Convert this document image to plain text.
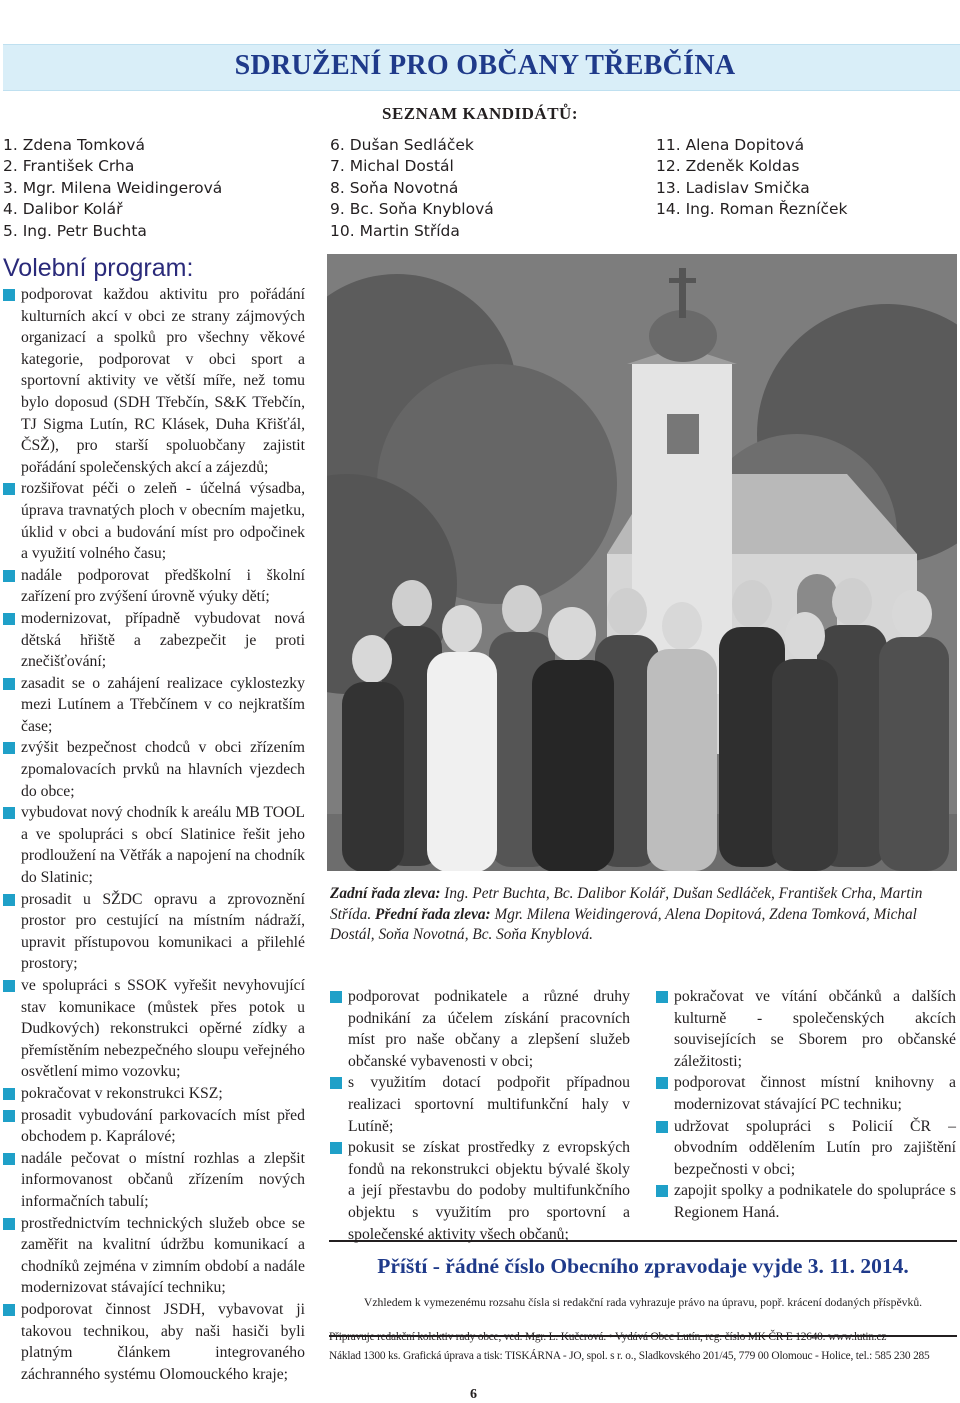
SDRUŽENÍ PRO OBČANY TŘEBČÍNA
SEZNAM KANDIDÁTŮ:
1. Zdena Tomková
2. František Crha
3. Mgr. Milena Weidingerová
4. Dalibor Kolář
5. Ing. Petr Buchta
6. Dušan Sedláček
7. Michal Dostál
8. Soňa Novotná
9. Bc. Soňa Knyblová
10. Martin Střída
11. Alena Dopitová
12. Zdeněk Koldas
13. Ladislav Smička
14. Ing. Roman Řezníček
Volební program:
podporovat každou aktivitu pro pořádání kulturních akcí v obci ze strany zájmových organizací a spolků pro všechny věkové kategorie, podporovat v obci sport a sportovní aktivity ve větší míře, než tomu bylo doposud (SDH Třebčín, S&K Třebčín, TJ Sigma Lutín, RC Klásek, Duha Křišťál, ČSŽ), pro starší spoluobčany zajistit pořádání společenských akcí a zájezdů;
rozšiřovat péči o zeleň - účelná výsadba, úprava travnatých ploch v obecním majetku, úklid v obci a budování míst pro odpočinek a využití volného času;
nadále podporovat předškolní i školní zařízení pro zvýšení úrovně výuky dětí;
modernizovat, případně vybudovat nová dětská hřiště a zabezpečit je proti znečišťování;
zasadit se o zahájení realizace cyklostezky mezi Lutínem a Třebčínem v co nejkratším čase;
zvýšit bezpečnost chodců v obci zřízením zpomalovacích prvků na hlavních vjezdech do obce;
vybudovat nový chodník k areálu MB TOOL a ve spolupráci s obcí Slatinice řešit jeho prodloužení na Větřák a napojení na chodník do Slatinic;
prosadit u SŽDC opravu a zprovoznění prostor pro cestující na místním nádraží, upravit přístupovou komunikaci a přilehlé prostory;
ve spolupráci s SSOK vyřešit nevyhovující stav komunikace (můstek přes potok u Dudkových) rekonstrukci opěrné zídky a přemístěním nebezpečného sloupu veřejného osvětlení mimo vozovku;
pokračovat v rekonstrukci KSZ;
prosadit vybudování parkovacích míst před obchodem p. Kaprálové;
nadále pečovat o místní rozhlas a zlepšit informovanost občanů zřízením nových informačních tabulí;
prostřednictvím technických služeb obce se zaměřit na kvalitní údržbu komunikací a chodníků zejména v zimním období a nadále modernizovat stávající techniku;
podporovat činnost JSDH, vybavovat ji takovou technikou, aby naši hasiči byli platným článkem integrovaného záchranného systému Olomouckého kraje;
Zadní řada zleva: Ing. Petr Buchta, Bc. Dalibor Kolář, Dušan Sedláček, František Crha, Martin Střída. Přední řada zleva: Mgr. Milena Weidingerová, Alena Dopitová, Zdena Tomková, Michal Dostál, Soňa Novotná, Bc. Soňa Knyblová.
podporovat podnikatele a různé druhy podnikání za účelem získání pracovních míst pro naše občany a zlepšení služeb občanské vybavenosti v obci;
s využitím dotací podpořit případnou realizaci sportovní multifunkční haly v Lutíně;
pokusit se získat prostředky z evropských fondů na rekonstrukci objektu bývalé školy a její přestavbu do podoby multifunkčního objektu s využitím pro sportovní a společenské aktivity všech občanů;
pokračovat ve vítání občánků a dalších kulturně - společenských akcích souvisejících se Sborem pro občanské záležitosti;
podporovat činnost místní knihovny a modernizovat stávající PC techniku;
udržovat spolupráci s Policií ČR – obvodním oddělením Lutín pro zajištění bezpečnosti v obci;
zapojit spolky a podnikatele do spolupráce s Regionem Haná.
Příští - řádné číslo Obecního zpravodaje vyjde 3. 11. 2014.
Vzhledem k vymezenému rozsahu čísla si redakční rada vyhrazuje právo na úpravu, popř. krácení dodaných příspěvků.
Připravuje redakční kolektiv rady obce, ved. Mgr. L. Kučerová. • Vydává Obec Lutín, reg. číslo MK ČR E 12640. www.lutin.cz
Náklad 1300 ks. Grafická úprava a tisk: TISKÁRNA - JO, spol. s r. o., Sladkovského 201/45, 779 00 Olomouc - Holice, tel.: 585 230 285
6
